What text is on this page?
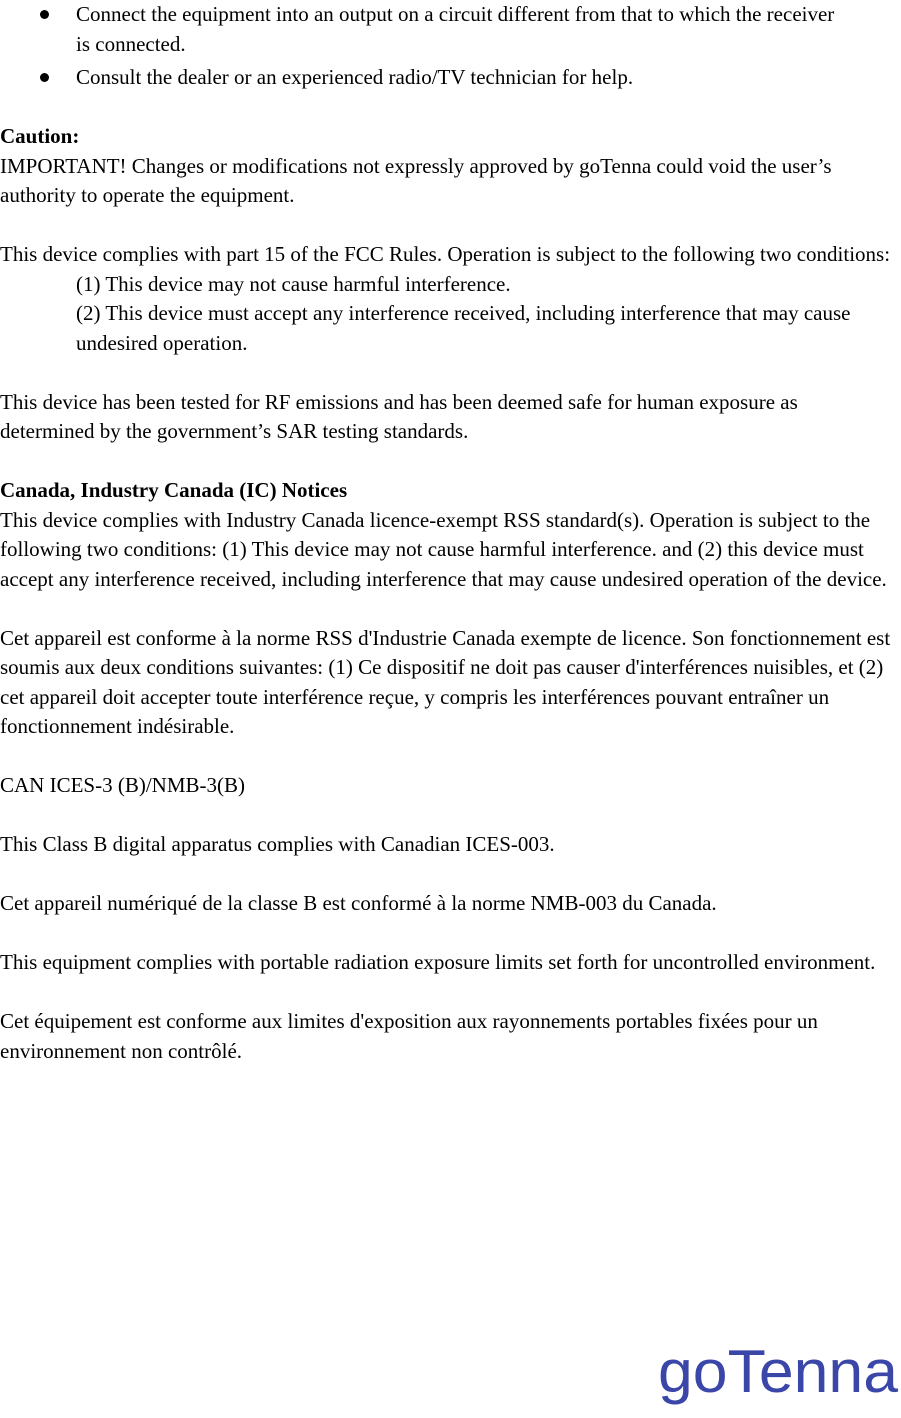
Connect the equipment into an output on a circuit different from that to which the receiver is connected.
Consult the dealer or an experienced radio/TV technician for help.
Caution:
IMPORTANT! Changes or modifications not expressly approved by goTenna could void the user’s authority to operate the equipment.
This device complies with part 15 of the FCC Rules. Operation is subject to the following two conditions:
(1) This device may not cause harmful interference.
(2) This device must accept any interference received, including interference that may cause undesired operation.
This device has been tested for RF emissions and has been deemed safe for human exposure as determined by the government’s SAR testing standards.
Canada, Industry Canada (IC) Notices
This device complies with Industry Canada licence-exempt RSS standard(s). Operation is subject to the following two conditions: (1) This device may not cause harmful interference. and (2) this device must accept any interference received, including interference that may cause undesired operation of the device.
Cet appareil est conforme à la norme RSS d'Industrie Canada exempte de licence. Son fonctionnement est soumis aux deux conditions suivantes: (1) Ce dispositif ne doit pas causer d'interférences nuisibles, et (2) cet appareil doit accepter toute interférence reçue, y compris les interférences pouvant entraîner un fonctionnement indésirable.
CAN ICES-3 (B)/NMB-3(B)
This Class B digital apparatus complies with Canadian ICES-003.
Cet appareil numériqué de la classe B est conformé à la norme NMB-003 du Canada.
This equipment complies with portable radiation exposure limits set forth for uncontrolled environment.
Cet équipement est conforme aux limites d'exposition aux rayonnements portables fixées pour un environnement non contrôlé.
goTenna
